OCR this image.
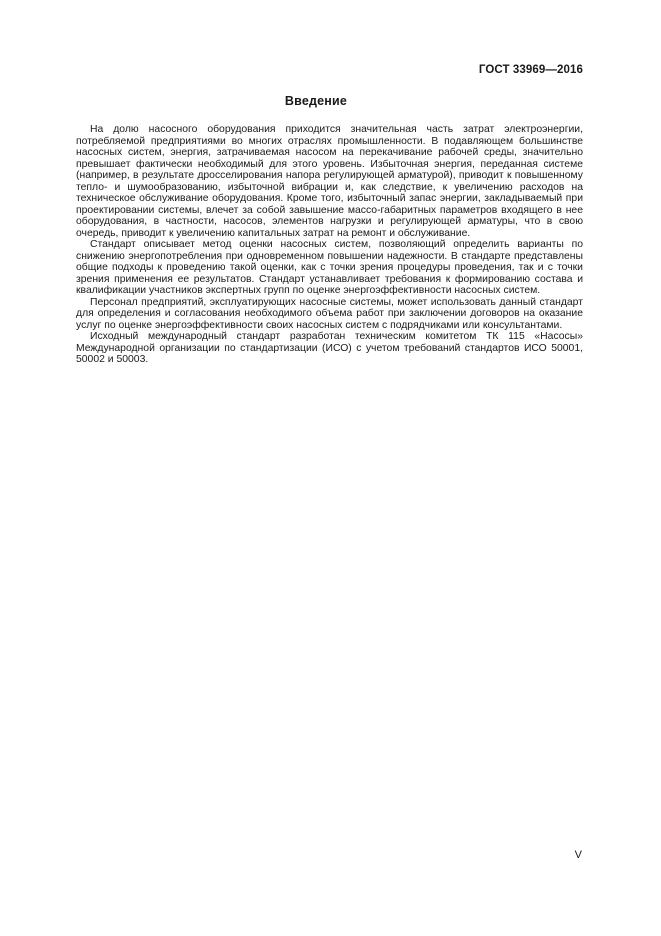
ГОСТ 33969—2016
Введение

На долю насосного оборудования приходится значительная часть затрат электроэнергии, потребляемой предприятиями во многих отраслях промышленности. В подавляющем большинстве насосных систем, энергия, затрачиваемая насосом на перекачивание рабочей среды, значительно превышает фактически необходимый для этого уровень. Избыточная энергия, переданная системе (например, в результате дросселирования напора регулирующей арматурой), приводит к повышенному тепло- и шумообразованию, избыточной вибрации и, как следствие, к увеличению расходов на техническое обслуживание оборудования. Кроме того, избыточный запас энергии, закладываемый при проектировании системы, влечет за собой завышение массо-габаритных параметров входящего в нее оборудования, в частности, насосов, элементов нагрузки и регулирующей арматуры, что в свою очередь, приводит к увеличению капитальных затрат на ремонт и обслуживание.

Стандарт описывает метод оценки насосных систем, позволяющий определить варианты по снижению энергопотребления при одновременном повышении надежности. В стандарте представлены общие подходы к проведению такой оценки, как с точки зрения процедуры проведения, так и с точки зрения применения ее результатов. Стандарт устанавливает требования к формированию состава и квалификации участников экспертных групп по оценке энергоэффективности насосных систем.

Персонал предприятий, эксплуатирующих насосные системы, может использовать данный стандарт для определения и согласования необходимого объема работ при заключении договоров на оказание услуг по оценке энергоэффективности своих насосных систем с подрядчиками или консультантами.

Исходный международный стандарт разработан техническим комитетом ТК 115 «Насосы» Международной организации по стандартизации (ИСО) с учетом требований стандартов ИСО 50001, 50002 и 50003.

V
